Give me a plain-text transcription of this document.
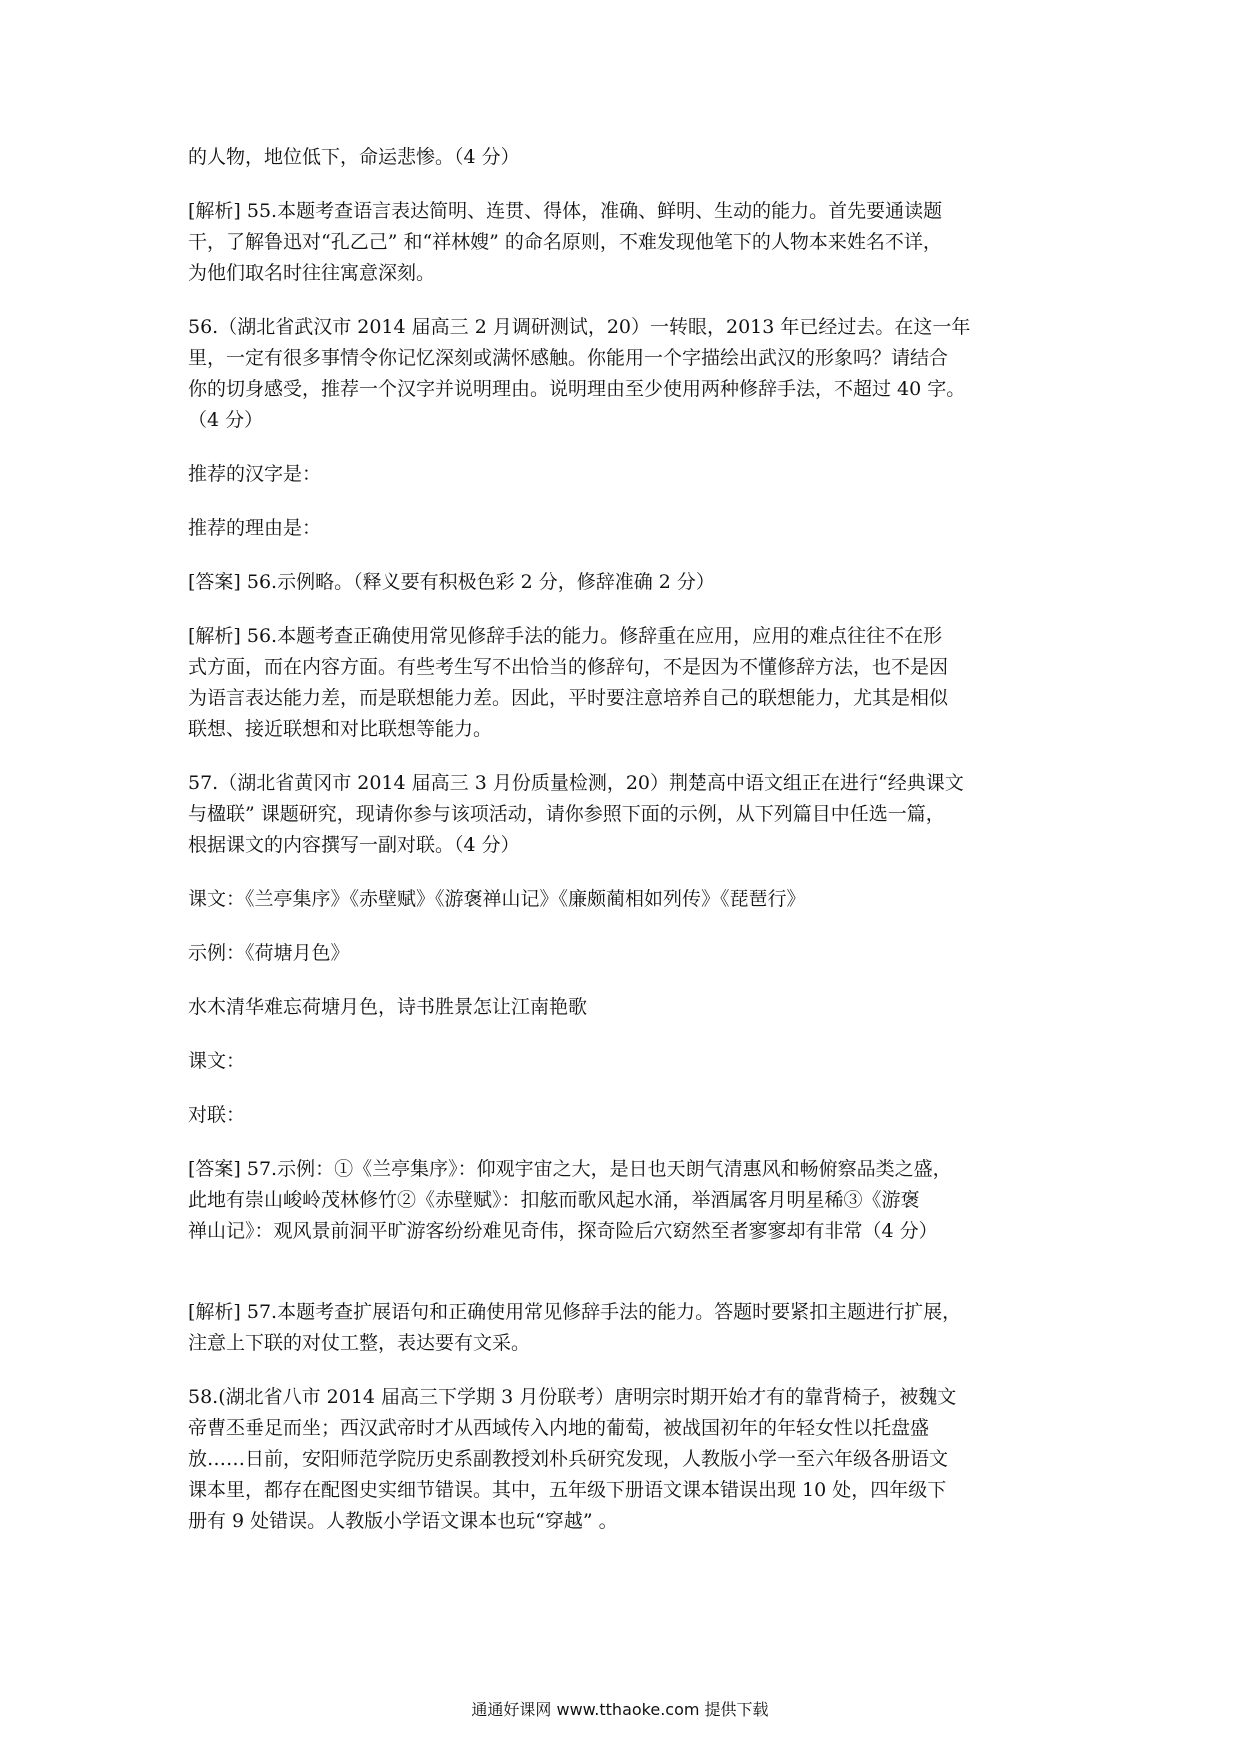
的人物，地位低下，命运悲惨。（4 分）

[解析] 55.本题考查语言表达简明、连贯、得体，准确、鲜明、生动的能力。首先要通读题
干，了解鲁迅对“孔乙己” 和“祥林嫂” 的命名原则，不难发现他笔下的人物本来姓名不详，
为他们取名时往往寓意深刻。

56.（湖北省武汉市 2014 届高三 2 月调研测试，20）一转眼，2013 年已经过去。在这一年
里，一定有很多事情令你记忆深刻或满怀感触。你能用一个字描绘出武汉的形象吗？请结合
你的切身感受，推荐一个汉字并说明理由。说明理由至少使用两种修辞手法，不超过 40 字。
（4 分）

推荐的汉字是：

推荐的理由是：

[答案] 56.示例略。（释义要有积极色彩 2 分，修辞准确 2 分）

[解析] 56.本题考查正确使用常见修辞手法的能力。修辞重在应用，应用的难点往往不在形
式方面，而在内容方面。有些考生写不出恰当的修辞句，不是因为不懂修辞方法，也不是因
为语言表达能力差，而是联想能力差。因此，平时要注意培养自己的联想能力，尤其是相似
联想、接近联想和对比联想等能力。

57.（湖北省黄冈市 2014 届高三 3 月份质量检测，20）荆楚高中语文组正在进行“经典课文
与楹联” 课题研究，现请你参与该项活动，请你参照下面的示例，从下列篇目中任选一篇，
根据课文的内容撰写一副对联。（4 分）

课文：《兰亭集序》《赤壁赋》《游褒禅山记》《廉颇蔺相如列传》《琵琶行》

示例：《荷塘月色》

水木清华难忘荷塘月色，诗书胜景怎让江南艳歌

课文：

对联：

[答案] 57.示例：①《兰亭集序》：仰观宇宙之大，是日也天朗气清惠风和畅俯察品类之盛，
此地有崇山峻岭茂林修竹②《赤壁赋》：扣舷而歌风起水涌，举酒属客月明星稀③《游褒
禅山记》：观风景前洞平旷游客纷纷难见奇伟，探奇险后穴窈然至者寥寥却有非常（4 分）

[解析] 57.本题考查扩展语句和正确使用常见修辞手法的能力。答题时要紧扣主题进行扩展，
注意上下联的对仗工整，表达要有文采。

58.(湖北省八市 2014 届高三下学期 3 月份联考）唐明宗时期开始才有的靠背椅子，被魏文
帝曹丕垂足而坐；西汉武帝时才从西域传入内地的葡萄，被战国初年的年轻女性以托盘盛
放……日前，安阳师范学院历史系副教授刘朴兵研究发现，人教版小学一至六年级各册语文
课本里，都存在配图史实细节错误。其中，五年级下册语文课本错误出现 10 处，四年级下
册有 9 处错误。人教版小学语文课本也玩“穿越” 。

通通好课网 www.tthaoke.com 提供下载
